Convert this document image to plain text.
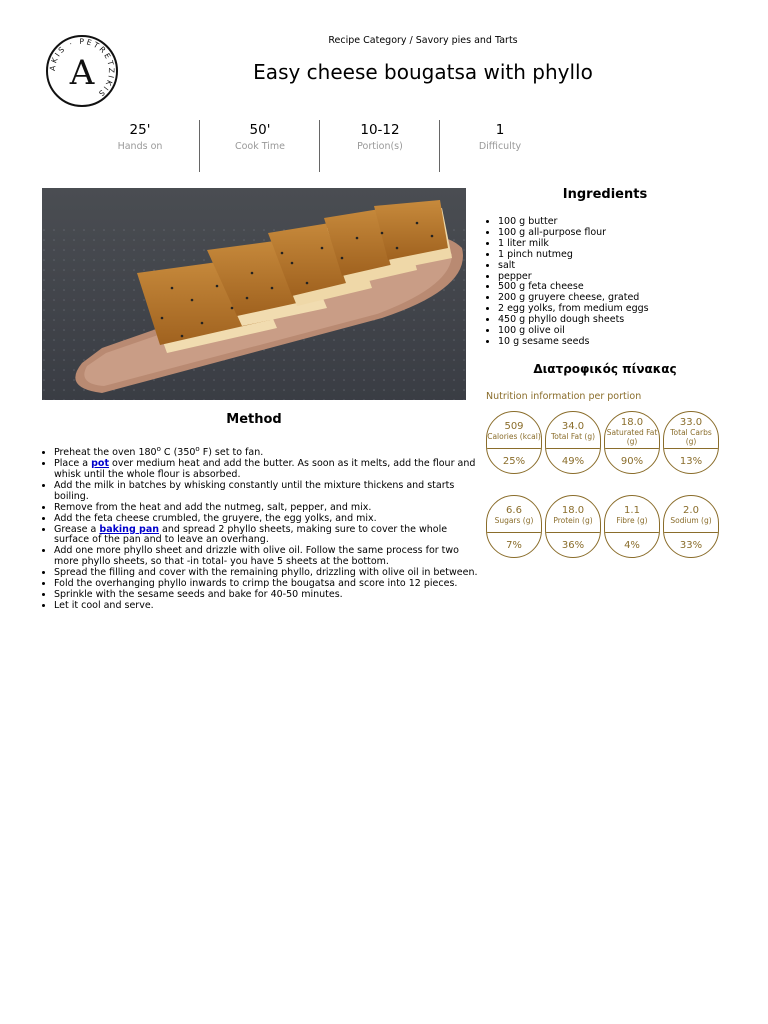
AKIS · PETRETZIKIS
A
Recipe Category / Savory pies and Tarts
Easy cheese bougatsa with phyllo
25'
Hands on
50'
Cook Time
10-12
Portion(s)
1
Difficulty
Method
• Preheat the oven 180$^o$ C (350$^o$ F) set to fan.
• Place a pot over medium heat and add the butter. As soon as it melts, add the flour and whisk until the whole flour is absorbed.
• Add the milk in batches by whisking constantly until the mixture thickens and starts boiling.
• Remove from the heat and add the nutmeg, salt, pepper, and mix.
• Add the feta cheese crumbled, the gruyere, the egg yolks, and mix.
• Grease a baking pan and spread 2 phyllo sheets, making sure to cover the whole surface of the pan and to leave an overhang.
• Add one more phyllo sheet and drizzle with olive oil. Follow the same process for two more phyllo sheets, so that -in total- you have 5 sheets at the bottom.
• Spread the filling and cover with the remaining phyllo, drizzling with olive oil in between.
• Fold the overhanging phyllo inwards to crimp the bougatsa and score into 12 pieces.
• Sprinkle with the sesame seeds and bake for 40-50 minutes.
• Let it cool and serve.
Ingredients
• 100 g butter
• 100 g all-purpose flour
• 1 liter milk
• 1 pinch nutmeg
• salt
• pepper
• 500 g feta cheese
• 200 g gruyere cheese, grated
• 2 egg yolks, from medium eggs
• 450 g phyllo dough sheets
• 100 g olive oil
• 10 g sesame seeds
Διατροφικός πίνακας
Nutrition information per portion
509
Calories (kcal)
25%
34.0
Total Fat (g)
49%
18.0
Saturated Fat (g)
90%
33.0
Total Carbs (g)
13%
6.6
Sugars (g)
7%
18.0
Protein (g)
36%
1.1
Fibre (g)
4%
2.0
Sodium (g)
33%
